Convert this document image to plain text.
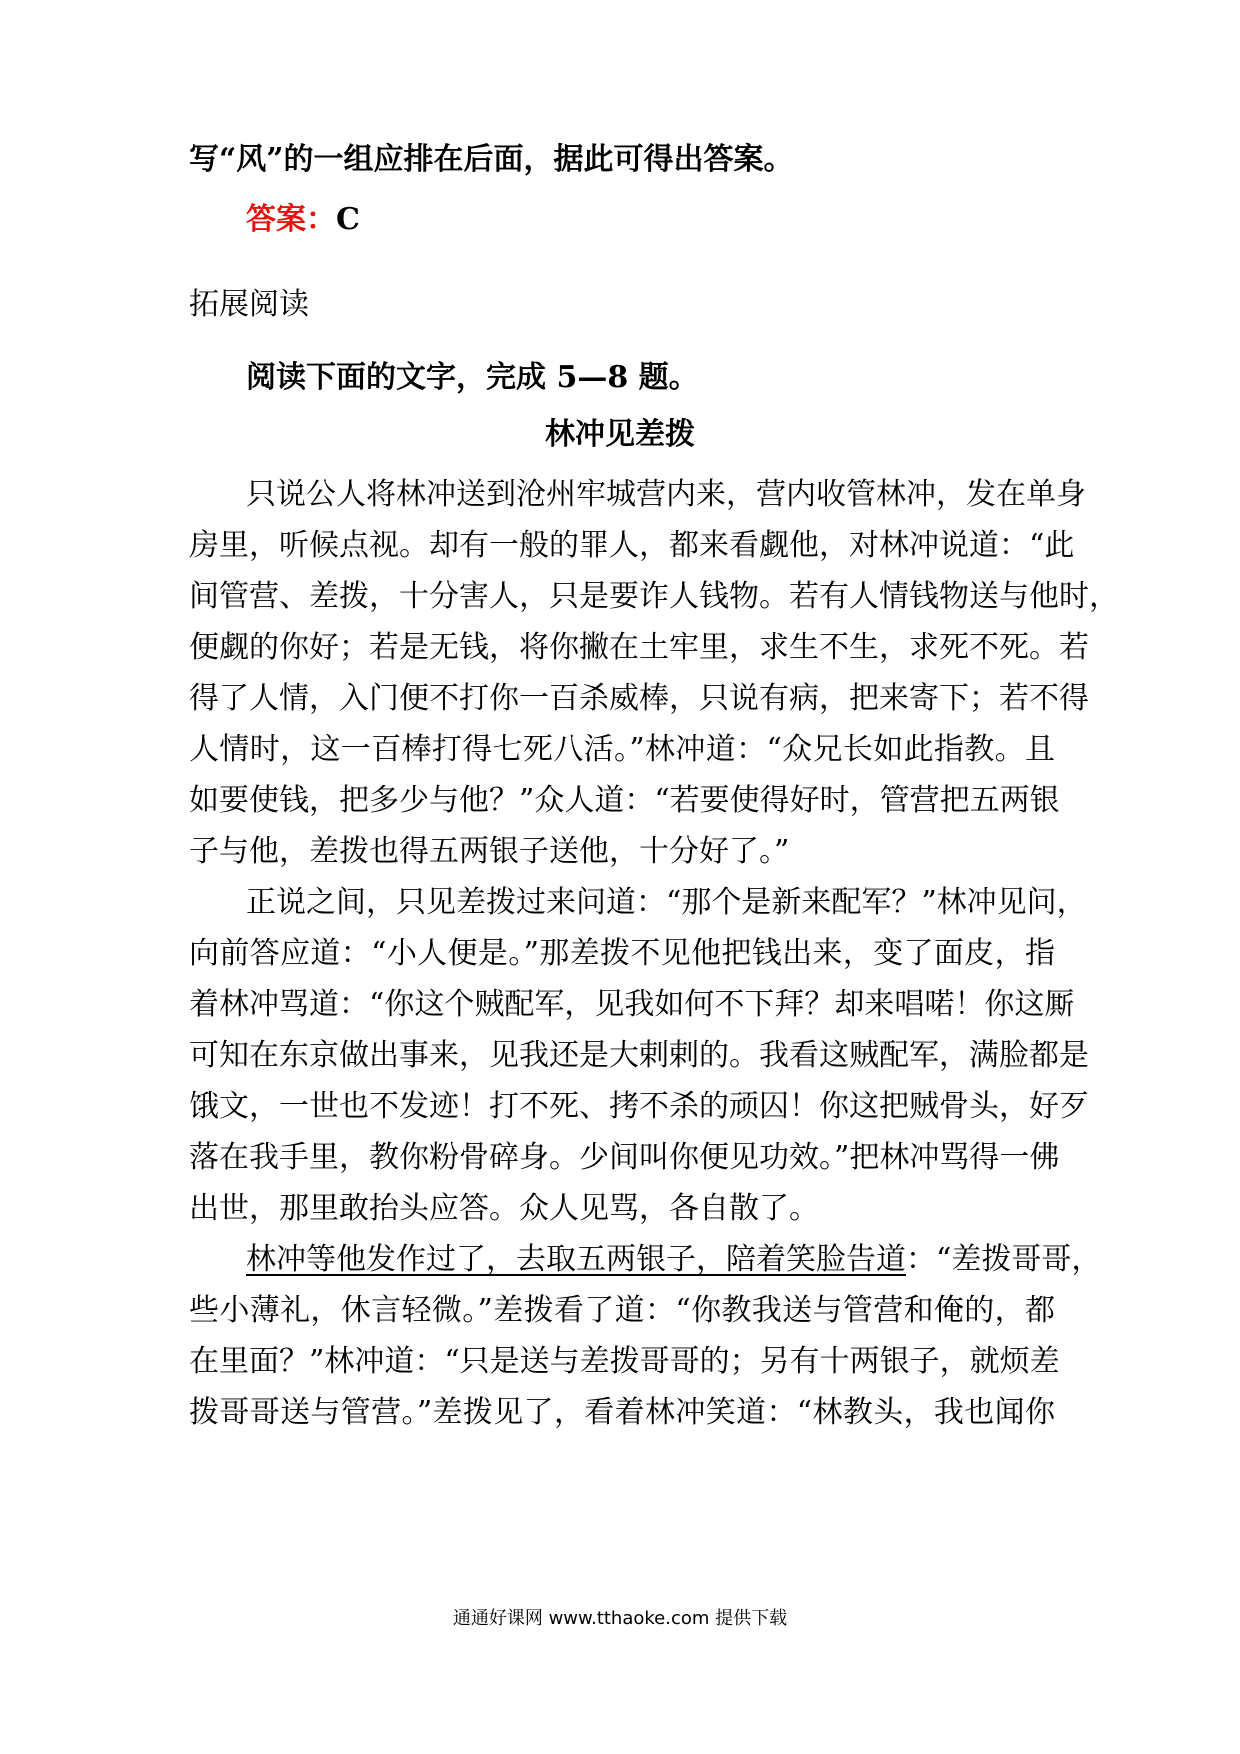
写“风”的一组应排在后面，据此可得出答案。
答案：C
拓展阅读
阅读下面的文字，完成 5—8 题。
林冲见差拨
只说公人将林冲送到沧州牢城营内来，营内收管林冲，发在单身
房里，听候点视。却有一般的罪人，都来看觑他，对林冲说道：“此
间管营、差拨，十分害人，只是要诈人钱物。若有人情钱物送与他时，
便觑的你好；若是无钱，将你撇在土牢里，求生不生，求死不死。若
得了人情，入门便不打你一百杀威棒，只说有病，把来寄下；若不得
人情时，这一百棒打得七死八活。”林冲道：“众兄长如此指教。且
如要使钱，把多少与他？”众人道：“若要使得好时，管营把五两银
子与他，差拨也得五两银子送他，十分好了。”
正说之间，只见差拨过来问道：“那个是新来配军？”林冲见问，
向前答应道：“小人便是。”那差拨不见他把钱出来，变了面皮，指
着林冲骂道：“你这个贼配军，见我如何不下拜？却来唱喏！你这厮
可知在东京做出事来，见我还是大剌剌的。我看这贼配军，满脸都是
饿文，一世也不发迹！打不死、拷不杀的顽囚！你这把贼骨头，好歹
落在我手里，教你粉骨碎身。少间叫你便见功效。”把林冲骂得一佛
出世，那里敢抬头应答。众人见骂，各自散了。
林冲等他发作过了，去取五两银子，陪着笑脸告道：“差拨哥哥，
些小薄礼，休言轻微。”差拨看了道：“你教我送与管营和俺的，都
在里面？”林冲道：“只是送与差拨哥哥的；另有十两银子，就烦差
拨哥哥送与管营。”差拨见了，看着林冲笑道：“林教头，我也闻你
通通好课网 www.tthaoke.com 提供下载
